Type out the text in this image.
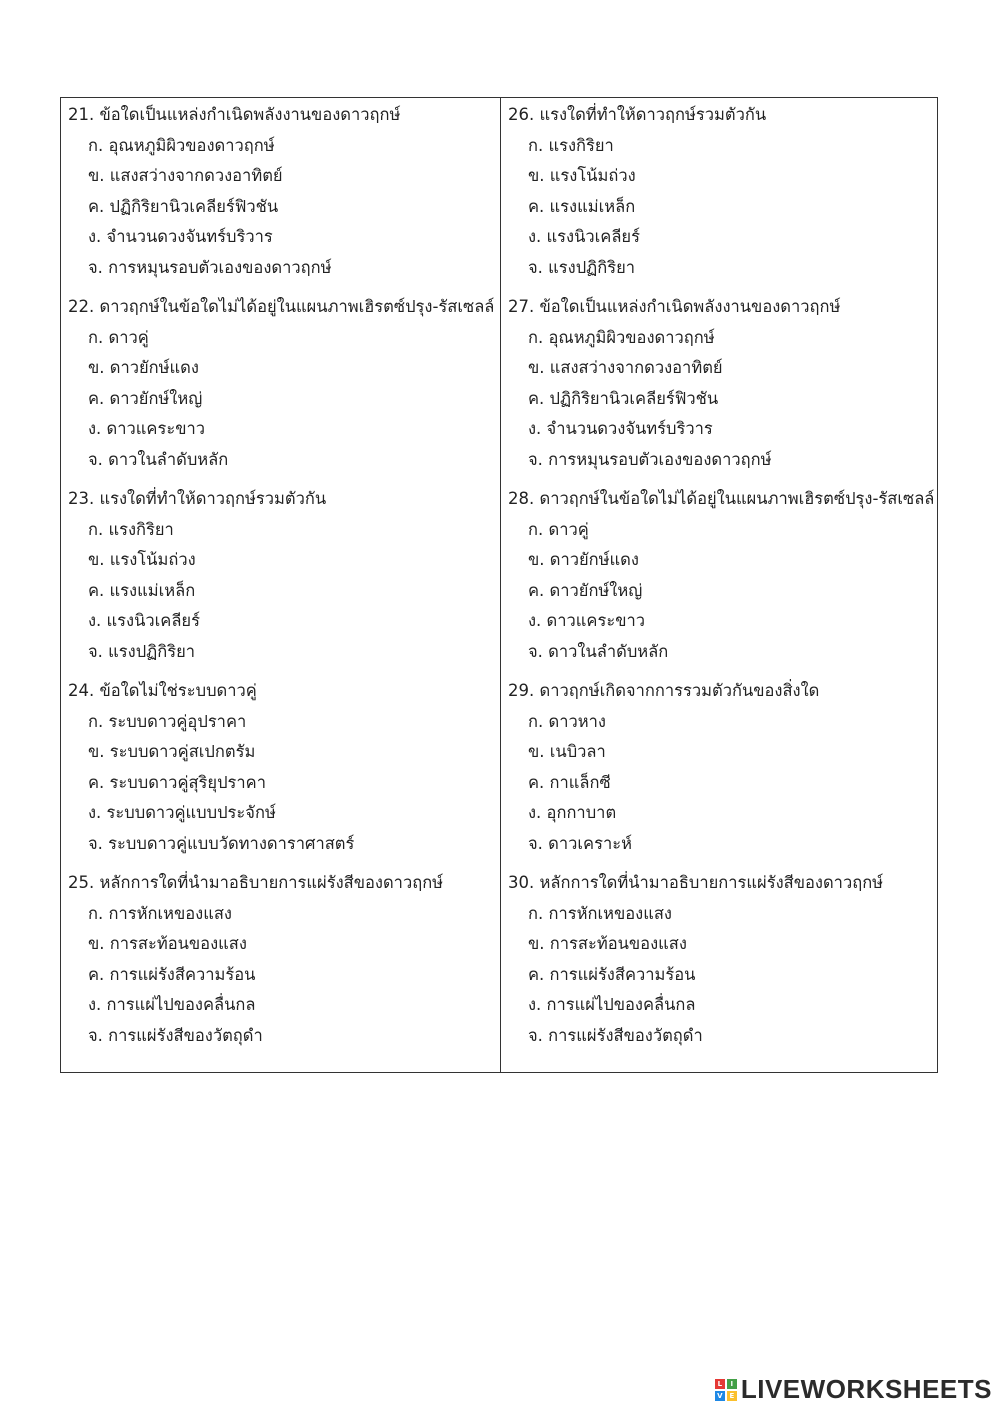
21. ข้อใดเป็นแหล่งกำเนิดพลังงานของดาวฤกษ์
ก. อุณหภูมิผิวของดาวฤกษ์
ข. แสงสว่างจากดวงอาทิตย์
ค. ปฏิกิริยานิวเคลียร์ฟิวชัน
ง. จำนวนดวงจันทร์บริวาร
จ. การหมุนรอบตัวเองของดาวฤกษ์
22. ดาวฤกษ์ในข้อใดไม่ได้อยู่ในแผนภาพเฮิรตซ์ปรุง-รัสเซลล์
ก. ดาวคู่
ข. ดาวยักษ์แดง
ค. ดาวยักษ์ใหญ่
ง. ดาวแคระขาว
จ. ดาวในลำดับหลัก
23. แรงใดที่ทำให้ดาวฤกษ์รวมตัวกัน
ก. แรงกิริยา
ข. แรงโน้มถ่วง
ค. แรงแม่เหล็ก
ง. แรงนิวเคลียร์
จ. แรงปฏิกิริยา
24. ข้อใดไม่ใช่ระบบดาวคู่
ก. ระบบดาวคู่อุปราคา
ข. ระบบดาวคู่สเปกตรัม
ค. ระบบดาวคู่สุริยุปราคา
ง. ระบบดาวคู่แบบประจักษ์
จ. ระบบดาวคู่แบบวัดทางดาราศาสตร์
25. หลักการใดที่นำมาอธิบายการแผ่รังสีของดาวฤกษ์
ก. การหักเหของแสง
ข. การสะท้อนของแสง
ค. การแผ่รังสีความร้อน
ง. การแผ่ไปของคลื่นกล
จ. การแผ่รังสีของวัตถุดำ
26. แรงใดที่ทำให้ดาวฤกษ์รวมตัวกัน
ก. แรงกิริยา
ข. แรงโน้มถ่วง
ค. แรงแม่เหล็ก
ง. แรงนิวเคลียร์
จ. แรงปฏิกิริยา
27. ข้อใดเป็นแหล่งกำเนิดพลังงานของดาวฤกษ์
ก. อุณหภูมิผิวของดาวฤกษ์
ข. แสงสว่างจากดวงอาทิตย์
ค. ปฏิกิริยานิวเคลียร์ฟิวชัน
ง. จำนวนดวงจันทร์บริวาร
จ. การหมุนรอบตัวเองของดาวฤกษ์
28. ดาวฤกษ์ในข้อใดไม่ได้อยู่ในแผนภาพเฮิรตซ์ปรุง-รัสเซลล์
ก. ดาวคู่
ข. ดาวยักษ์แดง
ค. ดาวยักษ์ใหญ่
ง. ดาวแคระขาว
จ. ดาวในลำดับหลัก
29. ดาวฤกษ์เกิดจากการรวมตัวกันของสิ่งใด
ก. ดาวหาง
ข. เนบิวลา
ค. กาแล็กซี
ง. อุกกาบาต
จ. ดาวเคราะห์
30. หลักการใดที่นำมาอธิบายการแผ่รังสีของดาวฤกษ์
ก. การหักเหของแสง
ข. การสะท้อนของแสง
ค. การแผ่รังสีความร้อน
ง. การแผ่ไปของคลื่นกล
จ. การแผ่รังสีของวัตถุดำ
L	I
V E LIVEWORKSHEETS
